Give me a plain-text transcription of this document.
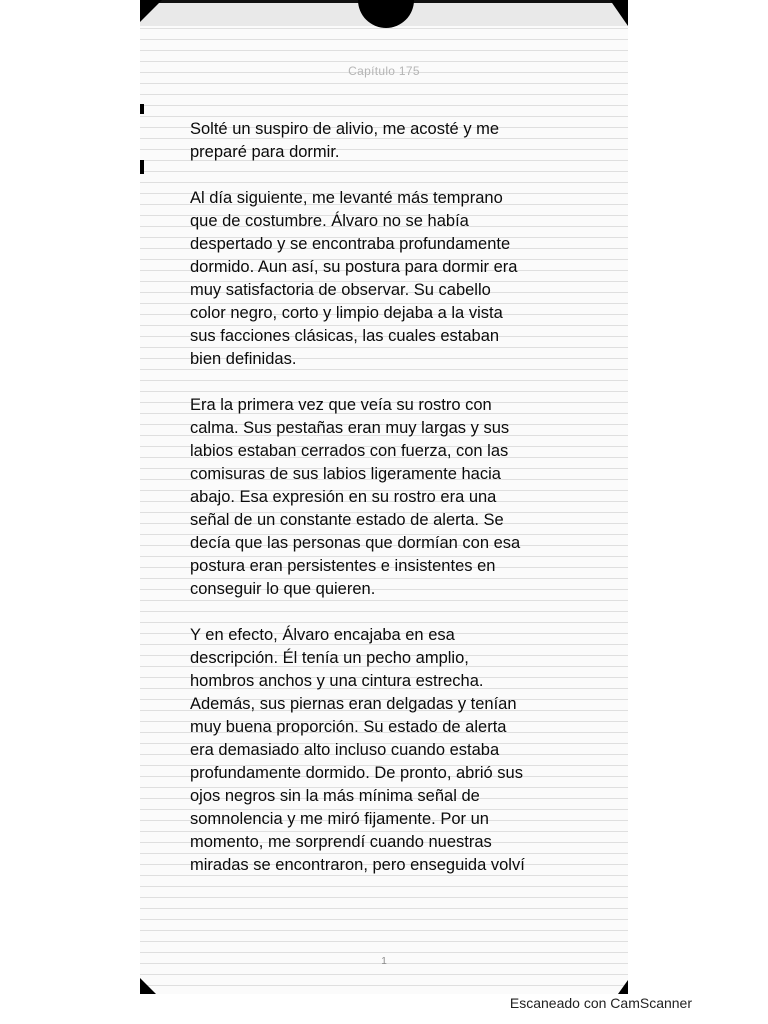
Capítulo 175

Solté un suspiro de alivio, me acosté y me
preparé para dormir.

Al día siguiente, me levanté más temprano
que de costumbre. Álvaro no se había
despertado y se encontraba profundamente
dormido. Aun así, su postura para dormir era
muy satisfactoria de observar. Su cabello
color negro, corto y limpio dejaba a la vista
sus facciones clásicas, las cuales estaban
bien definidas.

Era la primera vez que veía su rostro con
calma. Sus pestañas eran muy largas y sus
labios estaban cerrados con fuerza, con las
comisuras de sus labios ligeramente hacia
abajo. Esa expresión en su rostro era una
señal de un constante estado de alerta. Se
decía que las personas que dormían con esa
postura eran persistentes e insistentes en
conseguir lo que quieren.

Y en efecto, Álvaro encajaba en esa
descripción. Él tenía un pecho amplio,
hombros anchos y una cintura estrecha.
Además, sus piernas eran delgadas y tenían
muy buena proporción. Su estado de alerta
era demasiado alto incluso cuando estaba
profundamente dormido. De pronto, abrió sus
ojos negros sin la más mínima señal de
somnolencia y me miró fijamente. Por un
momento, me sorprendí cuando nuestras
miradas se encontraron, pero enseguida volví

1
Escaneado con CamScanner
